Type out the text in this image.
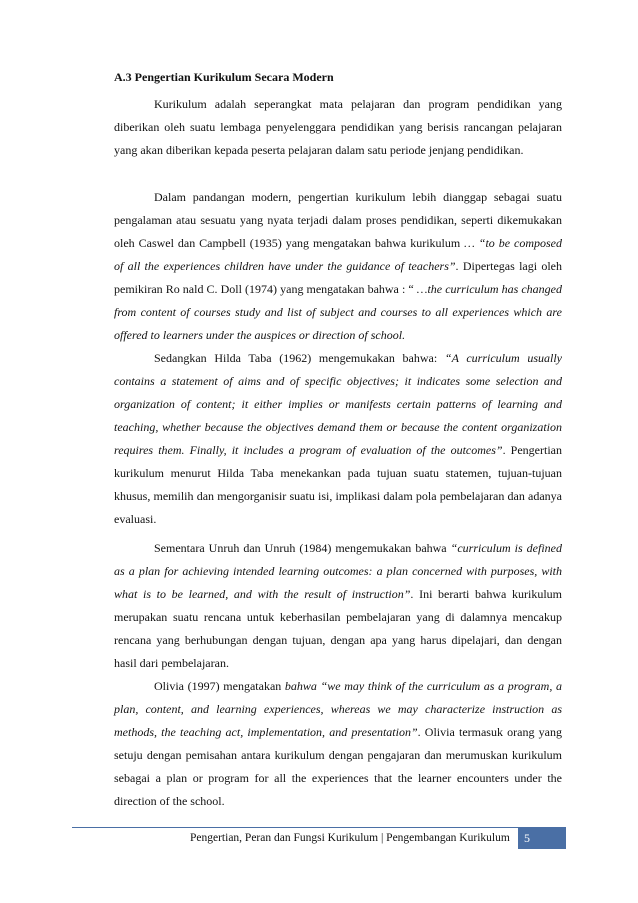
A.3 Pengertian Kurikulum Secara Modern

Kurikulum adalah seperangkat mata pelajaran dan program pendidikan yang diberikan oleh suatu lembaga penyelenggara pendidikan yang berisis rancangan pelajaran yang akan diberikan kepada peserta pelajaran dalam satu periode jenjang pendidikan.

Dalam pandangan modern, pengertian kurikulum lebih dianggap sebagai suatu pengalaman atau sesuatu yang nyata terjadi dalam proses pendidikan, seperti dikemukakan oleh Caswel dan Campbell (1935) yang mengatakan bahwa kurikulum … “to be composed of all the experiences children have under the guidance of teachers”. Dipertegas lagi oleh pemikiran Ro nald C. Doll (1974) yang mengatakan bahwa : “ …the curriculum has changed from content of courses study and list of subject and courses to all experiences which are offered to learners under the auspices or direction of school.

Sedangkan Hilda Taba (1962) mengemukakan bahwa: “A curriculum usually contains a statement of aims and of specific objectives; it indicates some selection and organization of content; it either implies or manifests certain patterns of learning and teaching, whether because the objectives demand them or because the content organization requires them. Finally, it includes a program of evaluation of the outcomes”. Pengertian kurikulum menurut Hilda Taba menekankan pada tujuan suatu statemen, tujuan-tujuan khusus, memilih dan mengorganisir suatu isi, implikasi dalam pola pembelajaran dan adanya evaluasi.

Sementara Unruh dan Unruh (1984) mengemukakan bahwa “curriculum is defined as a plan for achieving intended learning outcomes: a plan concerned with purposes, with what is to be learned, and with the result of instruction”. Ini berarti bahwa kurikulum merupakan suatu rencana untuk keberhasilan pembelajaran yang di dalamnya mencakup rencana yang berhubungan dengan tujuan, dengan apa yang harus dipelajari, dan dengan hasil dari pembelajaran.

Olivia (1997) mengatakan bahwa “we may think of the curriculum as a program, a plan, content, and learning experiences, whereas we may characterize instruction as methods, the teaching act, implementation, and presentation”. Olivia termasuk orang yang setuju dengan pemisahan antara kurikulum dengan pengajaran dan merumuskan kurikulum sebagai a plan or program for all the experiences that the learner encounters under the direction of the school.

Pengertian, Peran dan Fungsi Kurikulum | Pengembangan Kurikulum	5
